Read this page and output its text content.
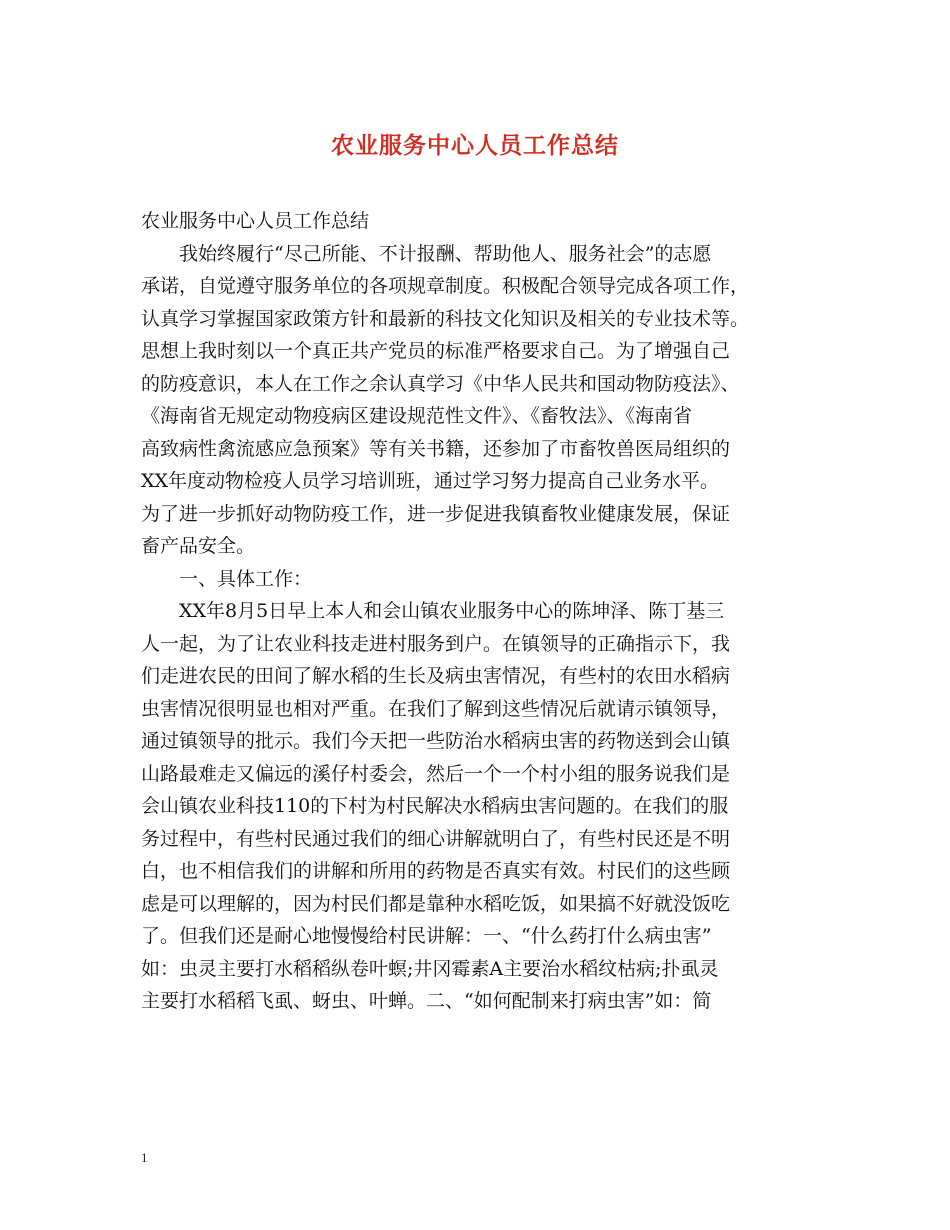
农业服务中心人员工作总结
农业服务中心人员工作总结
　　我始终履行“尽己所能、不计报酬、帮助他人、服务社会”的志愿
承诺，自觉遵守服务单位的各项规章制度。积极配合领导完成各项工作，
认真学习掌握国家政策方针和最新的科技文化知识及相关的专业技术等。
思想上我时刻以一个真正共产党员的标准严格要求自己。为了增强自己
的防疫意识，本人在工作之余认真学习《中华人民共和国动物防疫法》、
《海南省无规定动物疫病区建设规范性文件》、《畜牧法》、《海南省
高致病性禽流感应急预案》等有关书籍，还参加了市畜牧兽医局组织的
XX年度动物检疫人员学习培训班，通过学习努力提高自己业务水平。
为了进一步抓好动物防疫工作，进一步促进我镇畜牧业健康发展，保证
畜产品安全。
　　一、具体工作：
　　XX年8月5日早上本人和会山镇农业服务中心的陈坤泽、陈丁基三
人一起，为了让农业科技走进村服务到户。在镇领导的正确指示下，我
们走进农民的田间了解水稻的生长及病虫害情况，有些村的农田水稻病
虫害情况很明显也相对严重。在我们了解到这些情况后就请示镇领导，
通过镇领导的批示。我们今天把一些防治水稻病虫害的药物送到会山镇
山路最难走又偏远的溪仔村委会，然后一个一个村小组的服务说我们是
会山镇农业科技110的下村为村民解决水稻病虫害问题的。在我们的服
务过程中，有些村民通过我们的细心讲解就明白了，有些村民还是不明
白，也不相信我们的讲解和所用的药物是否真实有效。村民们的这些顾
虑是可以理解的，因为村民们都是靠种水稻吃饭，如果搞不好就没饭吃
了。但我们还是耐心地慢慢给村民讲解：一、“什么药打什么病虫害”
如：虫灵主要打水稻稻纵卷叶螟;井冈霉素A主要治水稻纹枯病;扑虱灵
主要打水稻稻飞虱、蚜虫、叶蝉。二、“如何配制来打病虫害”如：简
1
